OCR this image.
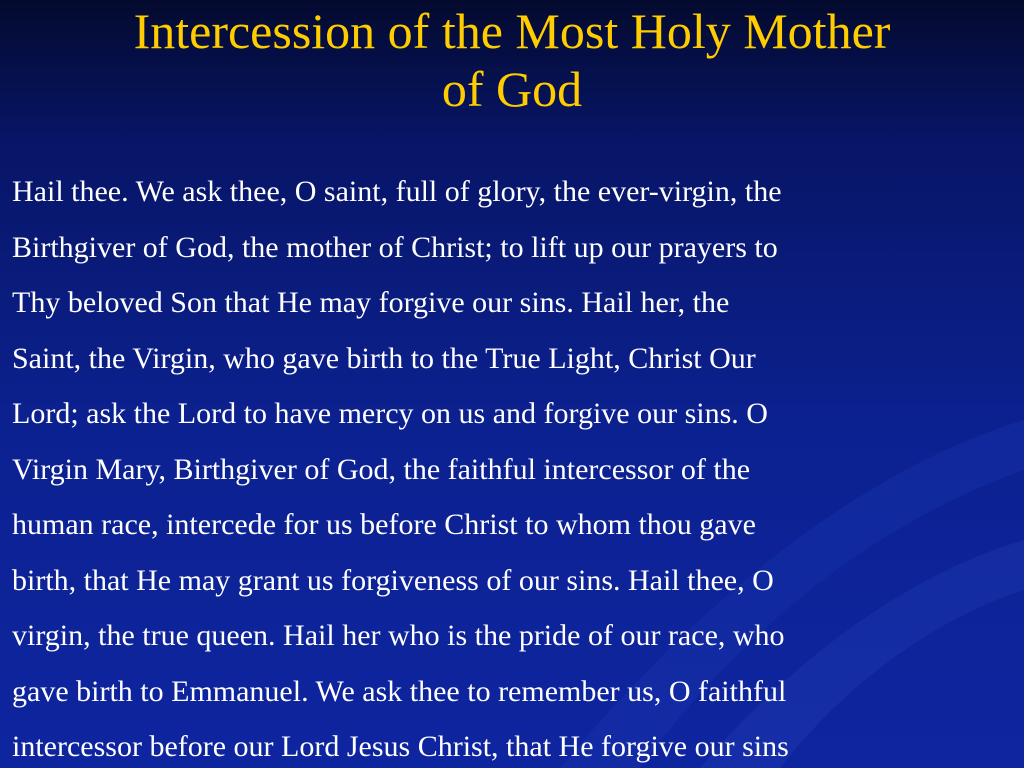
Intercession of the Most Holy Mother
of God
Hail thee. We ask thee, O saint, full of glory, the ever-virgin, the
Birthgiver of God, the mother of Christ; to lift up our prayers to
Thy beloved Son that He may forgive our sins. Hail her, the
Saint, the Virgin, who gave birth to the True Light, Christ Our
Lord; ask the Lord to have mercy on us and forgive our sins. O
Virgin Mary, Birthgiver of God, the faithful intercessor of the
human race, intercede for us before Christ to whom thou gave
birth, that He may grant us forgiveness of our sins. Hail thee, O
virgin, the true queen. Hail her who is the pride of our race, who
gave birth to Emmanuel. We ask thee to remember us, O faithful
intercessor before our Lord Jesus Christ, that He forgive our sins
